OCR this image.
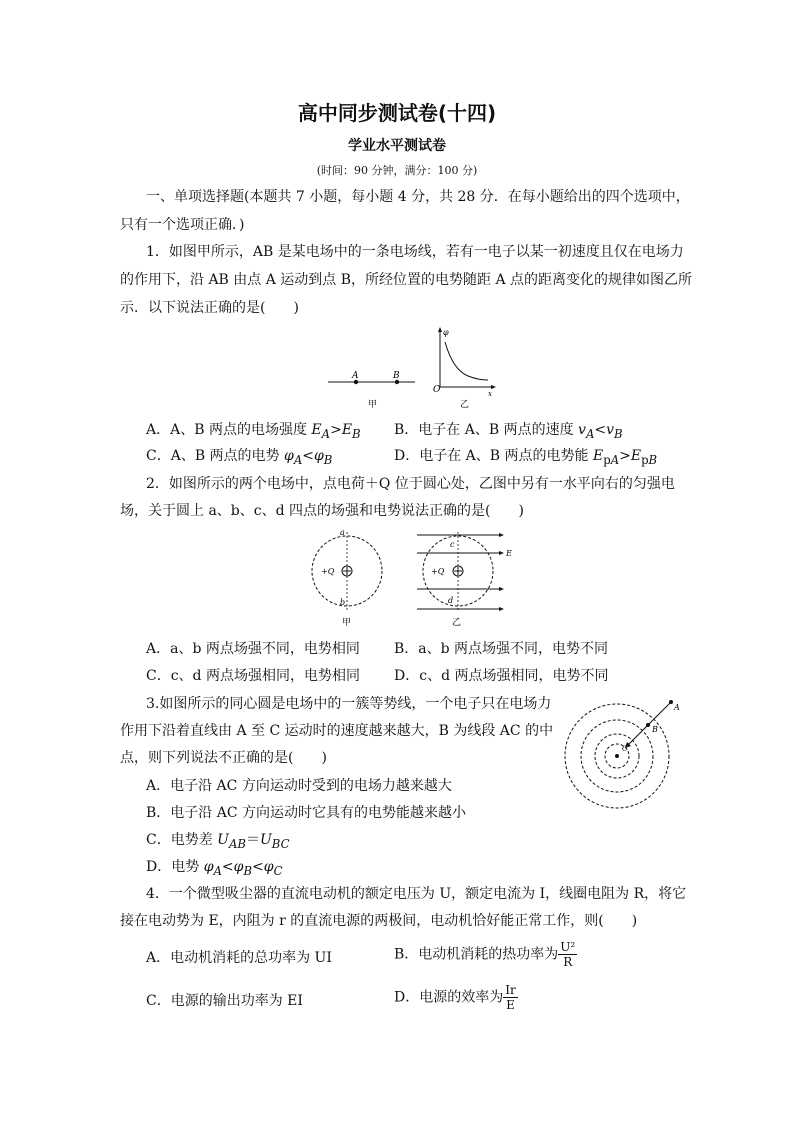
高中同步测试卷(十四)
学业水平测试卷
(时间：90 分钟，满分：100 分)
一、单项选择题(本题共 7 小题，每小题 4 分，共 28 分．在每小题给出的四个选项中，
只有一个选项正确．)
1．如图甲所示，AB 是某电场中的一条电场线，若有一电子以某一初速度且仅在电场力
的作用下，沿 AB 由点 A 运动到点 B，所经位置的电势随距 A 点的距离变化的规律如图乙所
示．以下说法正确的是(　　)
A	B
φ
x
O
甲	乙
A．A、B 两点的电场强度 $E_A>E_B$ B．电子在 A、B 两点的速度 $v_A<v_B$
C．A、B 两点的电势 $\varphi_A<\varphi_B$	D．电子在 A、B 两点的电势能 $E_{pA}>E_{pB}$
2．如图所示的两个电场中，点电荷＋Q 位于圆心处，乙图中另有一水平向右的匀强电
场，关于圆上 a、b、c、d 四点的场强和电势说法正确的是(　　)
a
b
+Q
甲
E
c
d
+Q
乙
A．a、b 两点场强不同，电势相同 B．a、b 两点场强不同，电势不同
C．c、d 两点场强相同，电势相同 D．c、d 两点场强相同，电势不同
3.如图所示的同心圆是电场中的一簇等势线，一个电子只在电场力
作用下沿着直线由 A 至 C 运动时的速度越来越大，B 为线段 AC 的中
点，则下列说法不正确的是(　　)
A
B
C
A．电子沿 AC 方向运动时受到的电场力越来越大
B．电子沿 AC 方向运动时它具有的电势能越来越小
C．电势差 $U_{AB}=U_{BC}$
D．电势 $\varphi_A<\varphi_B<\varphi_C$
4．一个微型吸尘器的直流电动机的额定电压为 U，额定电流为 I，线圈电阻为 R，将它
接在电动势为 E，内阻为 r 的直流电源的两极间，电动机恰好能正常工作，则(　　)
A．电动机消耗的总功率为 UI	B．电动机消耗的热功率为 $\frac{\text{U²}}{R}$
C．电源的输出功率为 EI	D．电源的效率为 $\frac{Ir}{E}$
